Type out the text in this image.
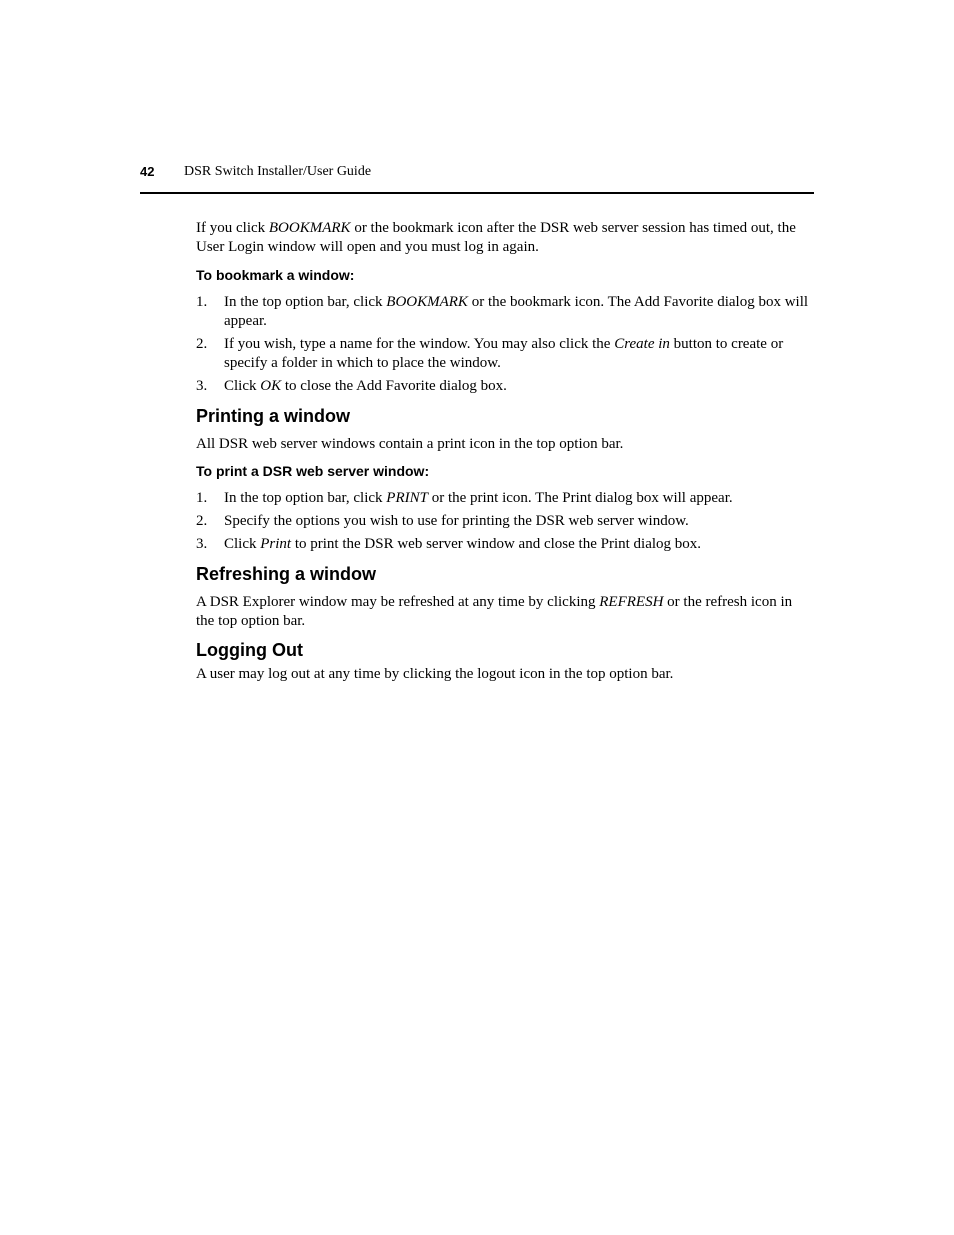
42 DSR Switch Installer/User Guide

If you click BOOKMARK or the bookmark icon after the DSR web server session has timed out, the User Login window will open and you must log in again.

To bookmark a window:
1. In the top option bar, click BOOKMARK or the bookmark icon. The Add Favorite dialog box will appear.
2. If you wish, type a name for the window. You may also click the Create in button to create or specify a folder in which to place the window.
3. Click OK to close the Add Favorite dialog box.
Printing a window

All DSR web server windows contain a print icon in the top option bar.

To print a DSR web server window:
1. In the top option bar, click PRINT or the print icon. The Print dialog box will appear.
2. Specify the options you wish to use for printing the DSR web server window.
3. Click Print to print the DSR web server window and close the Print dialog box.
Refreshing a window

A DSR Explorer window may be refreshed at any time by clicking REFRESH or the refresh icon in the top option bar.

Logging Out

A user may log out at any time by clicking the logout icon in the top option bar.
